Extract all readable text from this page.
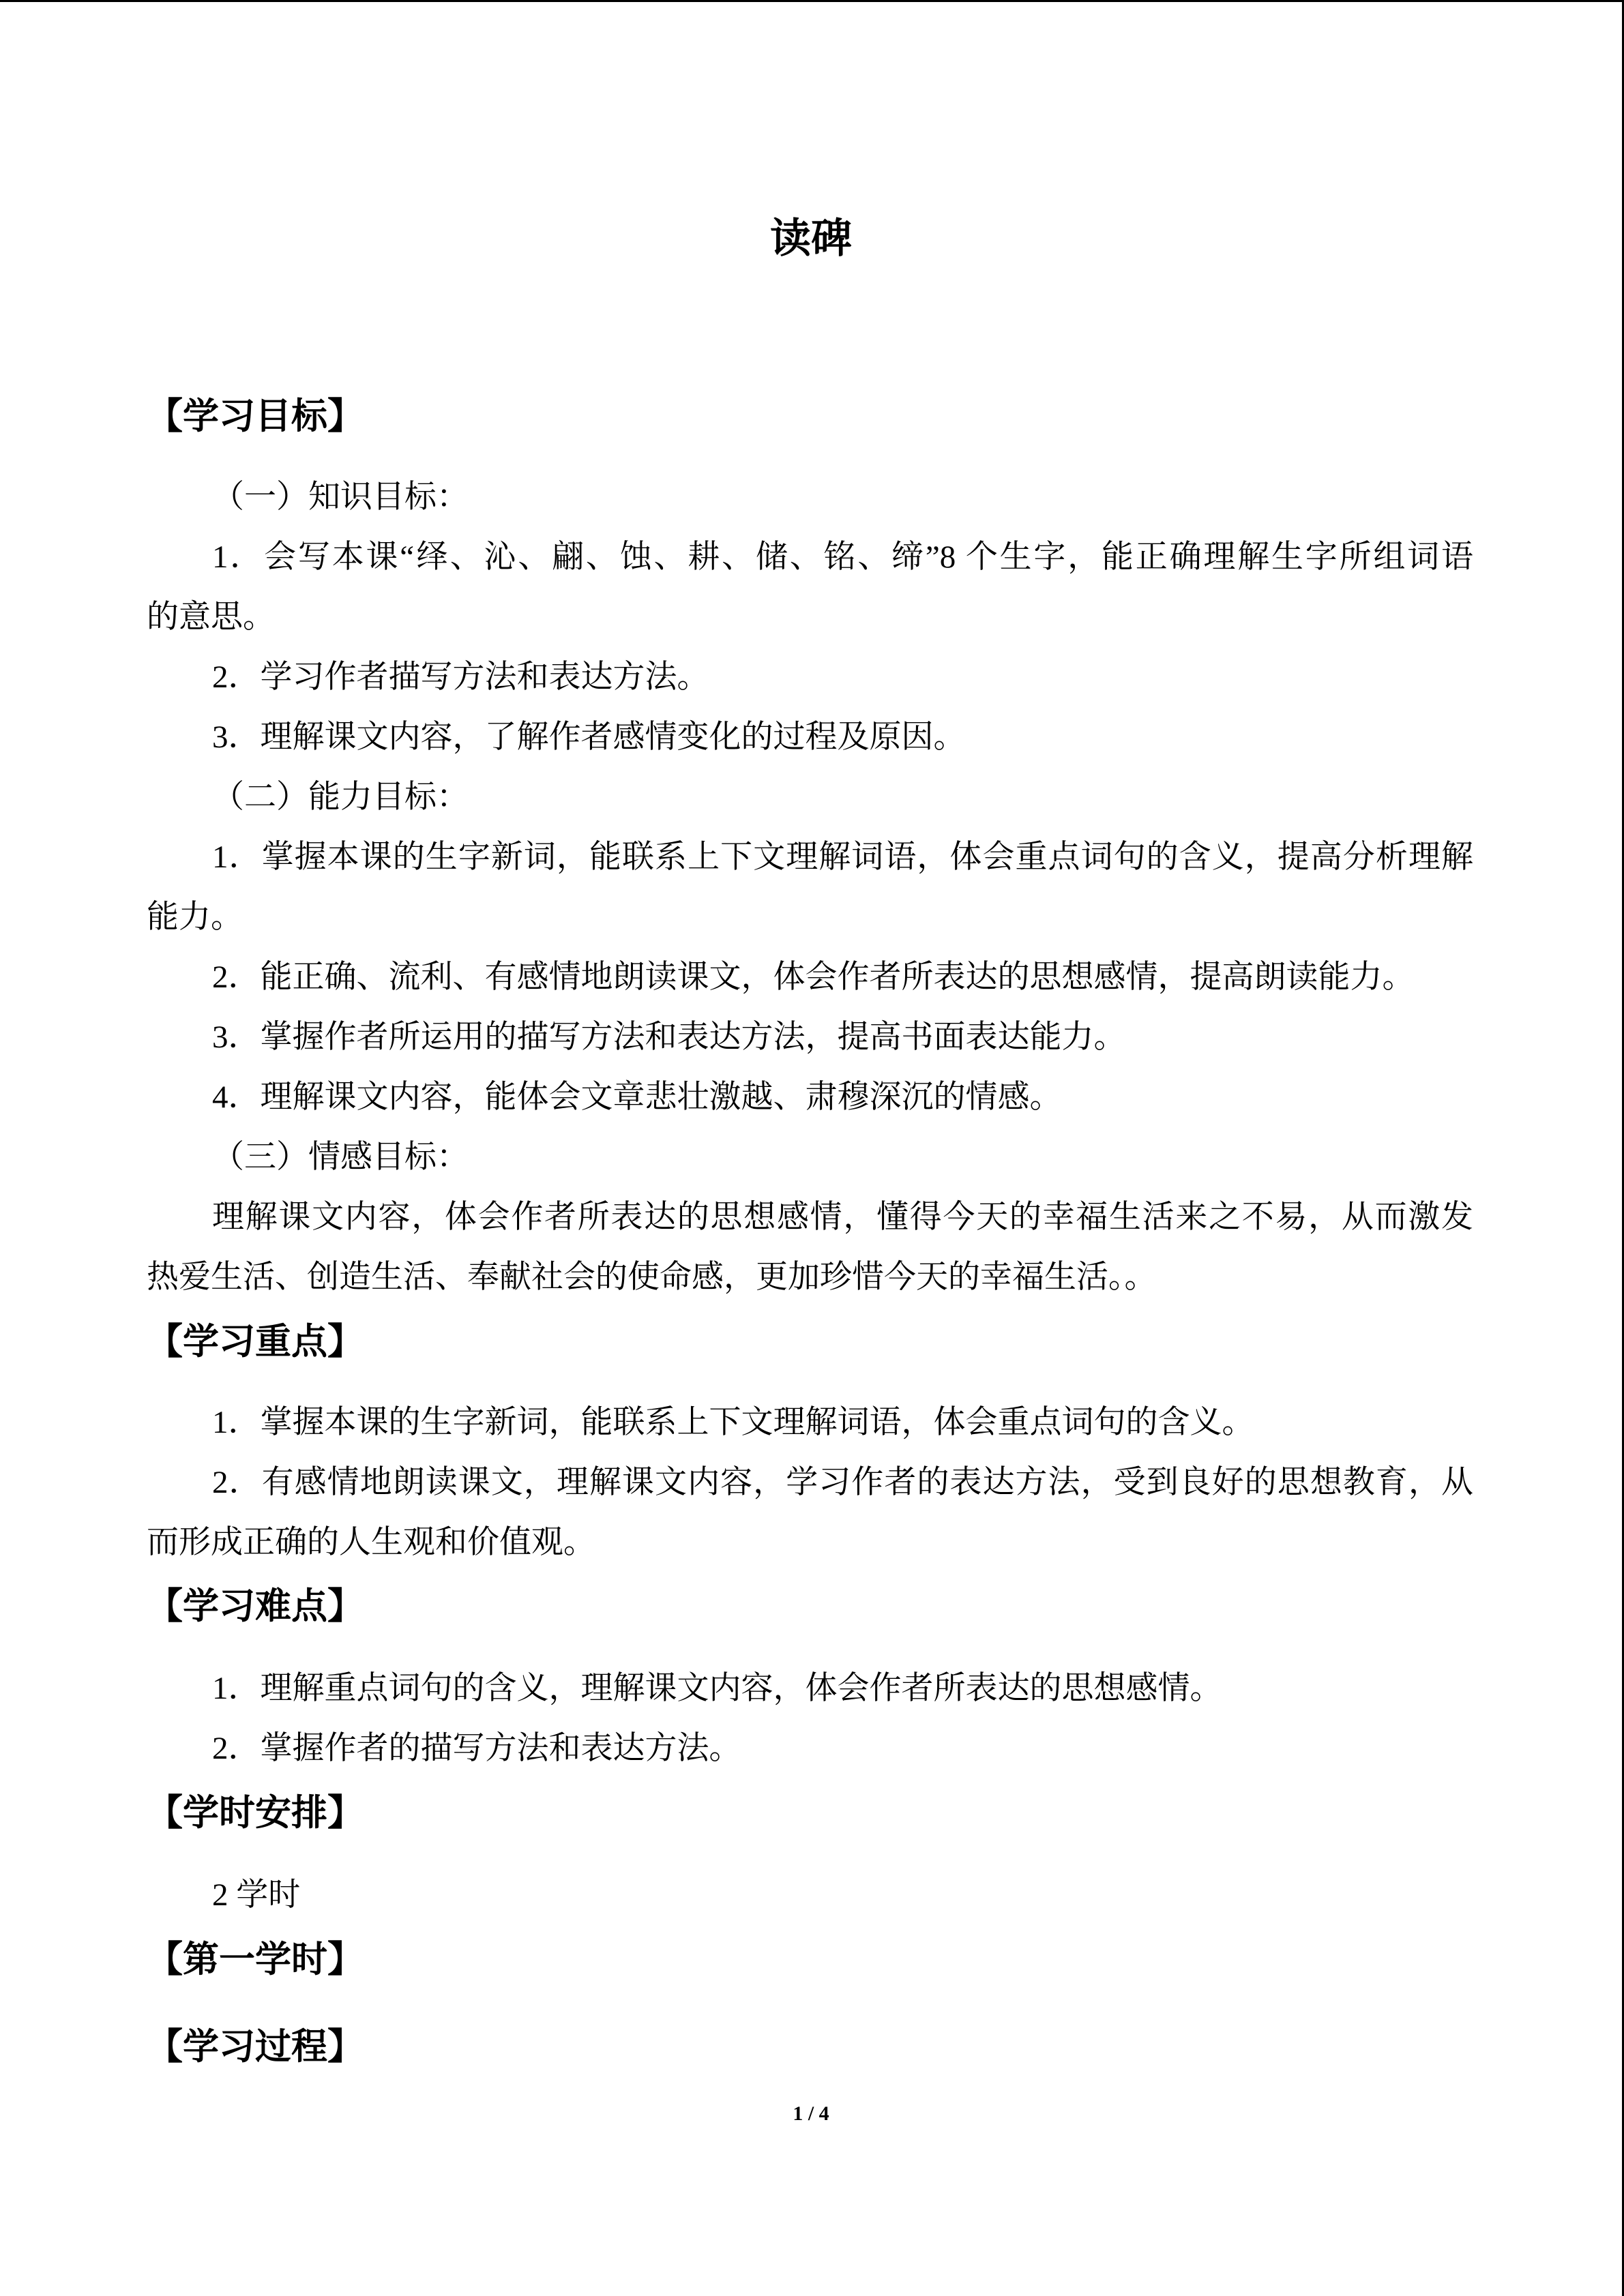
读碑
【学习目标】
（一）知识目标：
1．会写本课“绎、沁、翩、蚀、耕、储、铭、缔”8 个生字，能正确理解生字所组词语
的意思。
2．学习作者描写方法和表达方法。
3．理解课文内容，了解作者感情变化的过程及原因。
（二）能力目标：
1．掌握本课的生字新词，能联系上下文理解词语，体会重点词句的含义，提高分析理解
能力。
2．能正确、流利、有感情地朗读课文，体会作者所表达的思想感情，提高朗读能力。
3．掌握作者所运用的描写方法和表达方法，提高书面表达能力。
4．理解课文内容，能体会文章悲壮激越、肃穆深沉的情感。
（三）情感目标：
理解课文内容，体会作者所表达的思想感情，懂得今天的幸福生活来之不易，从而激发
热爱生活、创造生活、奉献社会的使命感，更加珍惜今天的幸福生活。。
【学习重点】
1．掌握本课的生字新词，能联系上下文理解词语，体会重点词句的含义。
2．有感情地朗读课文，理解课文内容，学习作者的表达方法，受到良好的思想教育，从
而形成正确的人生观和价值观。
【学习难点】
1．理解重点词句的含义，理解课文内容，体会作者所表达的思想感情。
2．掌握作者的描写方法和表达方法。
【学时安排】
2 学时
【第一学时】
【学习过程】
1 / 4
